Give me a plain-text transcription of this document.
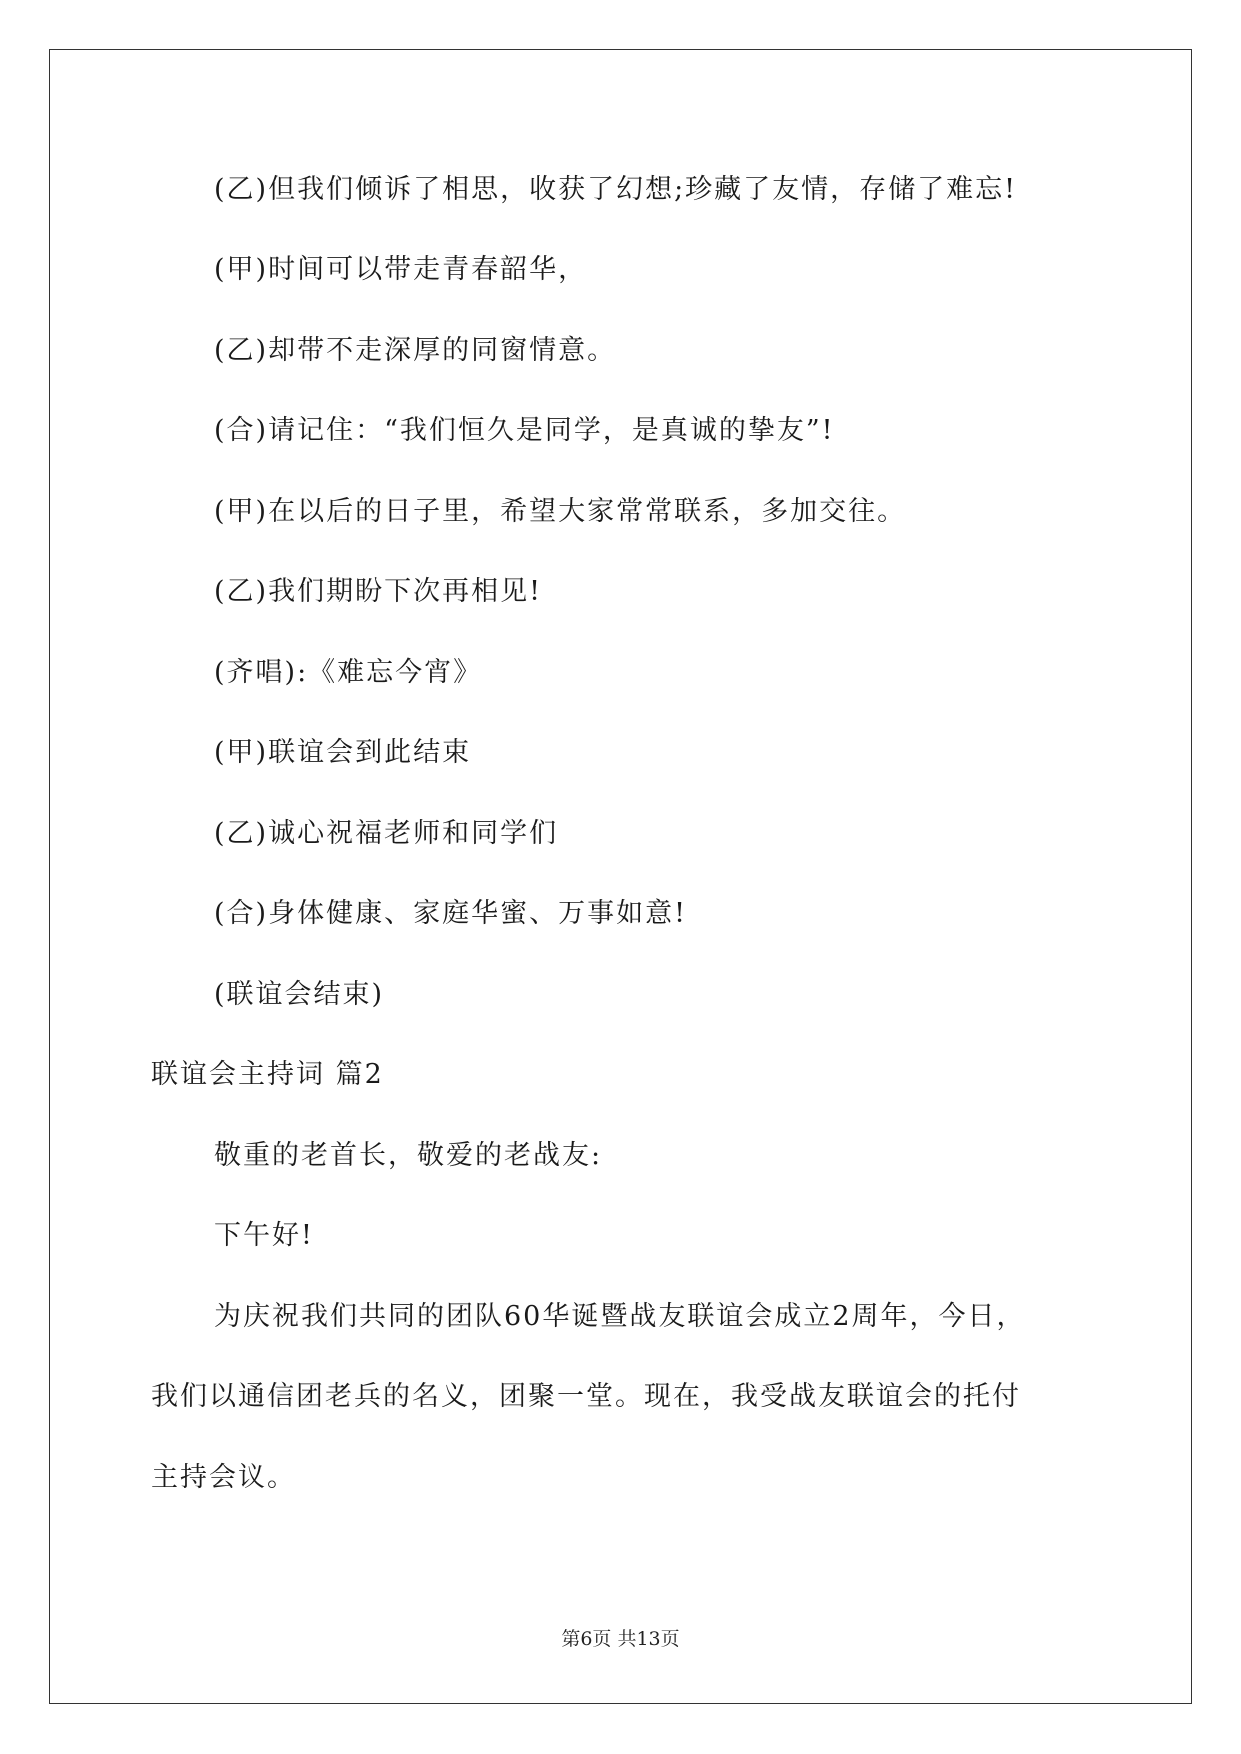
(乙)但我们倾诉了相思，收获了幻想;珍藏了友情，存储了难忘!
(甲)时间可以带走青春韶华，
(乙)却带不走深厚的同窗情意。
(合)请记住：“我们恒久是同学，是真诚的挚友”!
(甲)在以后的日子里，希望大家常常联系，多加交往。
(乙)我们期盼下次再相见!
(齐唱):《难忘今宵》
(甲)联谊会到此结束
(乙)诚心祝福老师和同学们
(合)身体健康、家庭华蜜、万事如意!
(联谊会结束)
联谊会主持词 篇2
敬重的老首长，敬爱的老战友:
下午好!
为庆祝我们共同的团队60华诞暨战友联谊会成立2周年，今日，
我们以通信团老兵的名义，团聚一堂。现在，我受战友联谊会的托付
主持会议。
第6页 共13页
